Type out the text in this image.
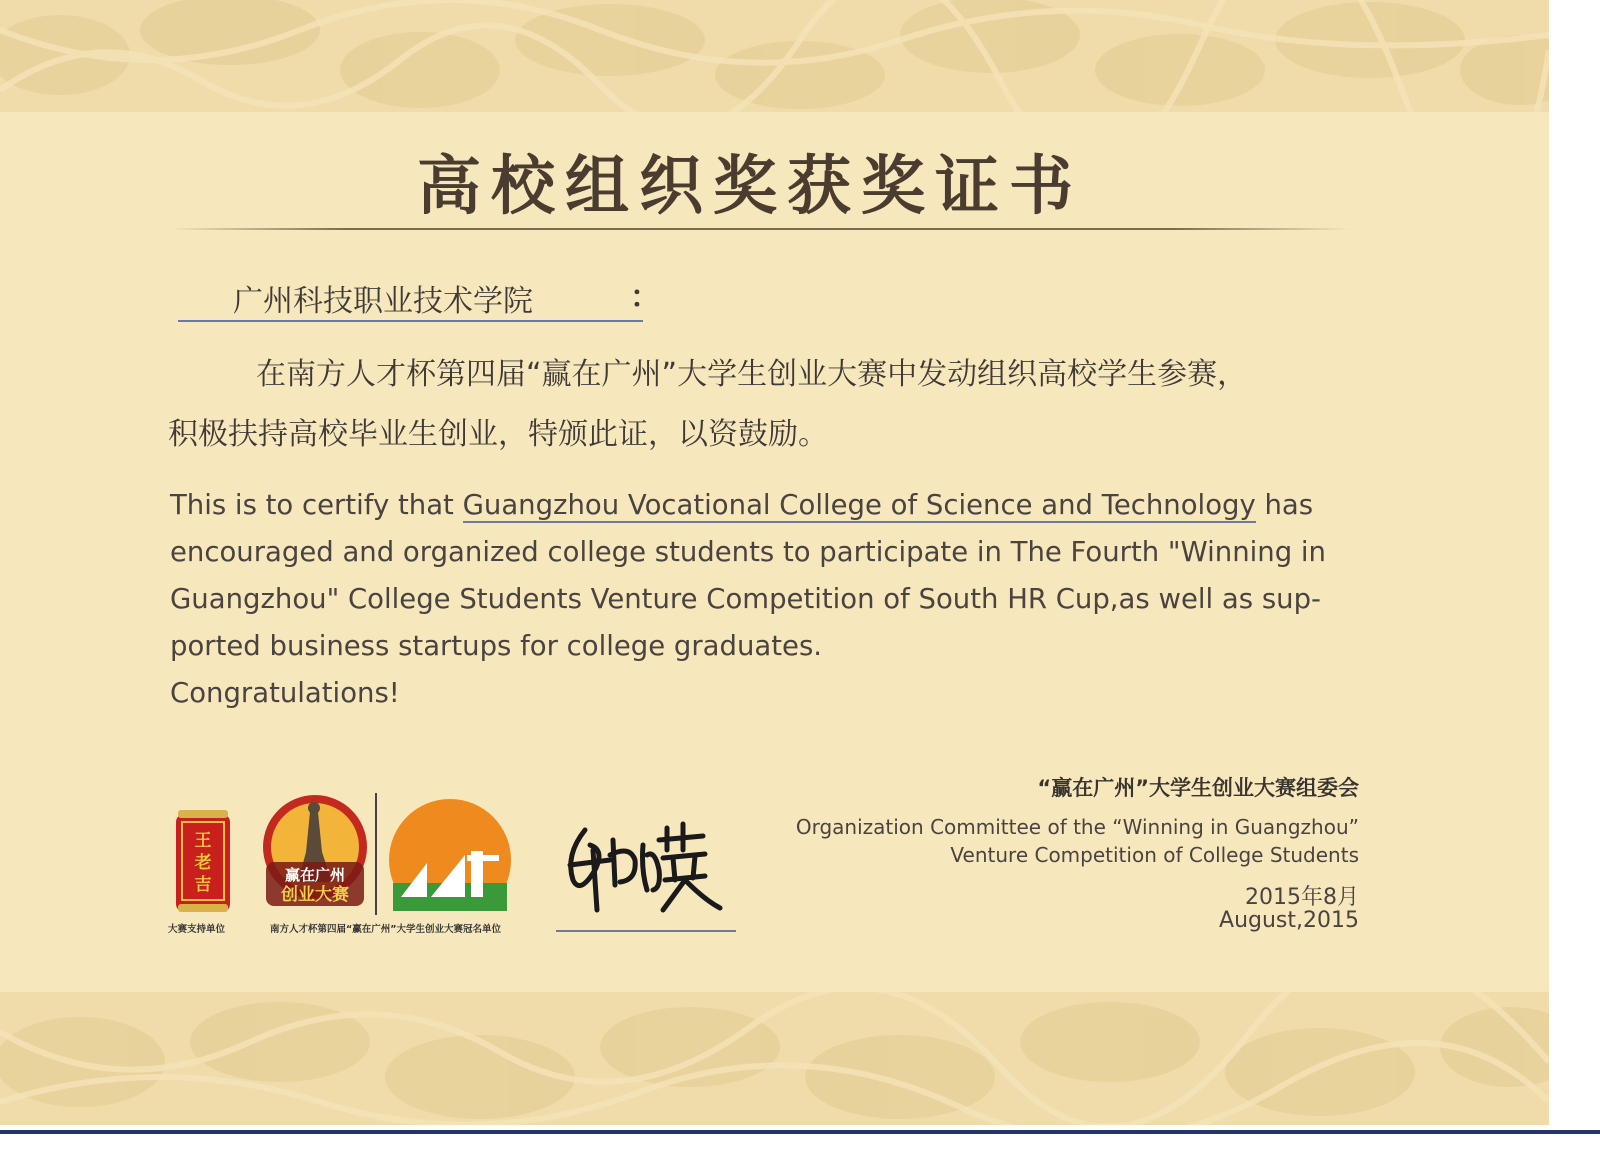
高校组织奖获奖证书
广州科技职业技术学院	：

在南方人才杯第四届“赢在广州”大学生创业大赛中发动组织高校学生参赛，

积极扶持高校毕业生创业，特颁此证，以资鼓励。

This is to certify that Guangzhou Vocational College of Science and Technology has

encouraged and organized college students to participate in The Fourth "Winning in

Guangzhou" College Students Venture Competition of South HR Cup,as well as sup-

ported business startups for college graduates.

Congratulations!

“赢在广州”大学生创业大赛组委会
Organization Committee of the “Winning in Guangzhou”
Venture Competition of College Students
2015年8月
August,2015
王
老
吉	赢在广州
创业大赛
大赛支持单位	南方人才杯第四届“赢在广州”大学生创业大赛冠名单位
